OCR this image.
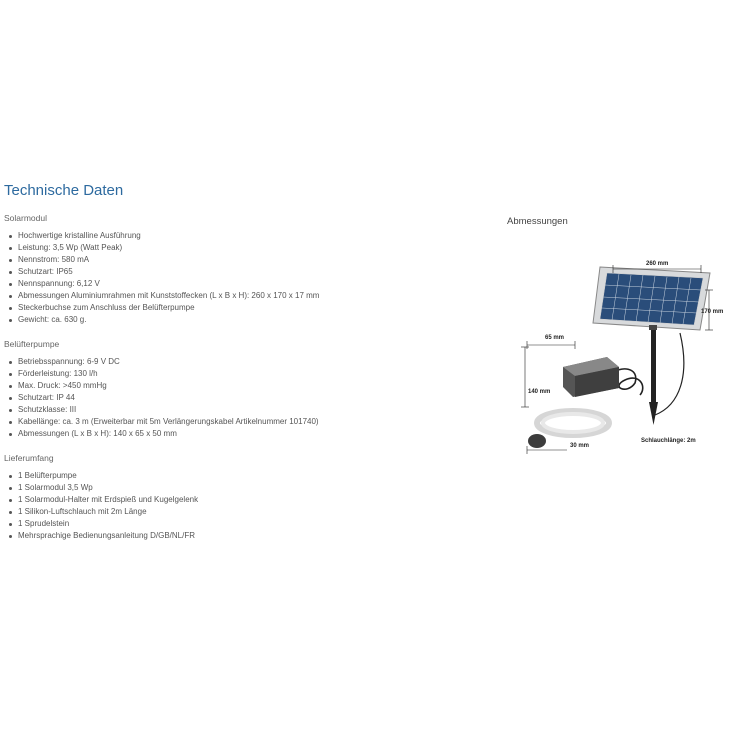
Technische Daten

Solarmodul

Hochwertige kristalline Ausführung
Leistung: 3,5 Wp (Watt Peak)
Nennstrom: 580 mA
Schutzart: IP65
Nennspannung: 6,12 V
Abmessungen Aluminiumrahmen mit Kunststoffecken (L x B x H): 260 x 170 x 17 mm
Steckerbuchse zum Anschluss der Belüfterpumpe
Gewicht: ca. 630 g.

Belüfterpumpe

Betriebsspannung: 6-9 V DC
Förderleistung: 130 l/h
Max. Druck: >450 mmHg
Schutzart: IP 44
Schutzklasse: III
Kabellänge: ca. 3 m (Erweiterbar mit 5m Verlängerungskabel Artikelnummer 101740)
Abmessungen (L x B x H): 140 x 65 x 50 mm

Lieferumfang

1 Belüfterpumpe
1 Solarmodul 3,5 Wp
1 Solarmodul-Halter mit Erdspieß und Kugelgelenk
1 Silikon-Luftschlauch mit 2m Länge
1 Sprudelstein
Mehrsprachige Bedienungsanleitung D/GB/NL/FR
Abmessungen
260 mm
170 mm
65 mm
140 mm
30 mm
Schlauchlänge: 2m
